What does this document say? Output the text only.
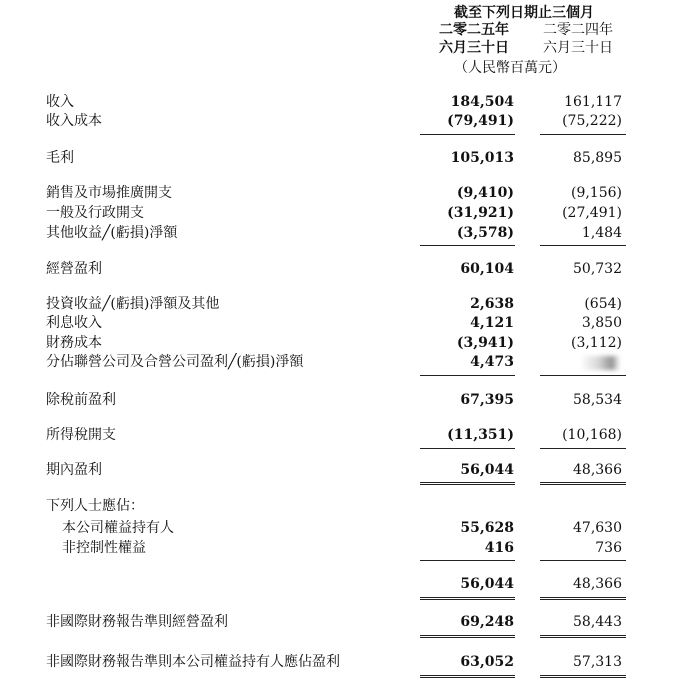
截至下列日期止三個月
二零二五年 二零二四年
六月三十日 六月三十日
（人民幣百萬元）
收入	184,504	161,117
收入成本	(79,491)	(75,222)
毛利	105,013	85,895
銷售及市場推廣開支	(9,410)	(9,156)
一般及行政開支	(31,921)	(27,491)
其他收益╱(虧損)淨額	(3,578)	1,484
經營盈利	60,104	50,732
投資收益╱(虧損)淨額及其他	2,638	(654)
利息收入	4,121	3,850
財務成本	(3,941)	(3,112)
分佔聯營公司及合營公司盈利╱(虧損)淨額	4,473
除稅前盈利	67,395	58,534
所得稅開支	(11,351)	(10,168)
期內盈利	56,044	48,366
下列人士應佔：
本公司權益持有人	55,628	47,630
非控制性權益	416	736
56,044	48,366
非國際財務報告準則經營盈利	69,248	58,443
非國際財務報告準則本公司權益持有人應佔盈利	63,052	57,313
